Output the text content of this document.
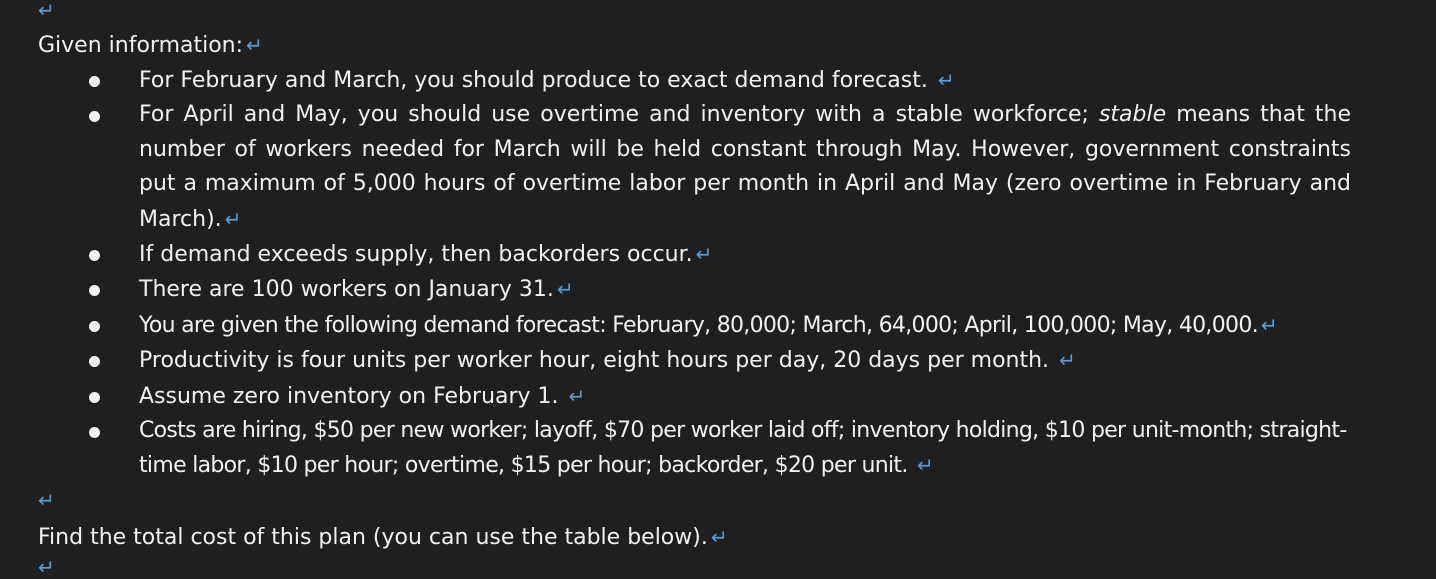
↵
Given information: ↵
For February and March, you should produce to exact demand forecast. ↵
For April and May, you should use overtime and inventory with a stable workforce; stable means that the number of workers needed for March will be held constant through May. However, government constraints put a maximum of 5,000 hours of overtime labor per month in April and May (zero overtime in February and March). ↵
If demand exceeds supply, then backorders occur. ↵
There are 100 workers on January 31. ↵
You are given the following demand forecast: February, 80,000; March, 64,000; April, 100,000; May, 40,000. ↵
Productivity is four units per worker hour, eight hours per day, 20 days per month. ↵
Assume zero inventory on February 1. ↵
Costs are hiring, $50 per new worker; layoff, $70 per worker laid off; inventory holding, $10 per unit-month; straight-time labor, $10 per hour; overtime, $15 per hour; backorder, $20 per unit. ↵
↵
Find the total cost of this plan (you can use the table below). ↵
↵
